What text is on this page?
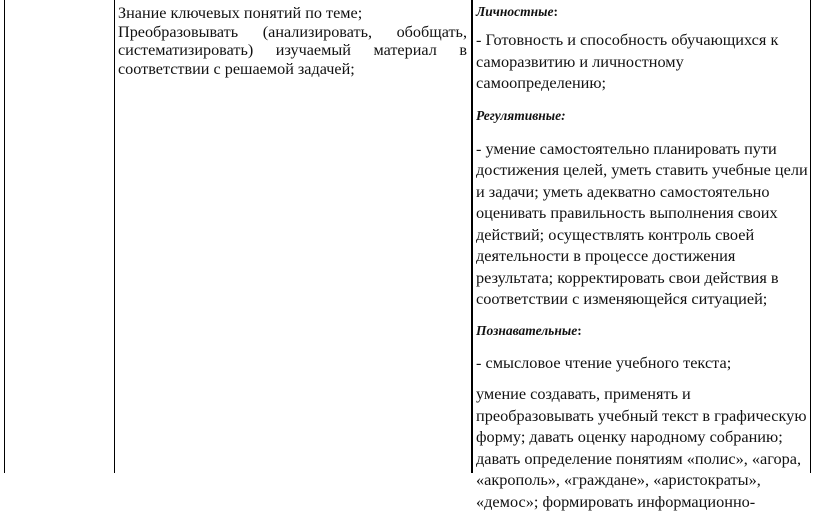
Знание ключевых понятий по теме;

Преобразовывать (анализировать, обобщать, систематизировать) изучаемый материал в соответствии с решаемой задачей;

Личностные:

- Готовность и способность обучающихся к саморазвитию и личностному самоопределению;

Регулятивные:

- умение самостоятельно планировать пути достижения целей, уметь ставить учебные цели и задачи; уметь адекватно самостоятельно оценивать правильность выполнения своих действий; осуществлять контроль своей деятельности в процессе достижения результата; корректировать свои действия в соответствии с изменяющейся ситуацией;

Познавательные:

- смысловое чтение учебного текста;

умение создавать, применять и преобразовывать учебный текст в графическую форму; давать оценку народному собранию; давать определение понятиям «полис», «агора, «акрополь», «граждане», «аристократы», «демос»; формировать информационно-
